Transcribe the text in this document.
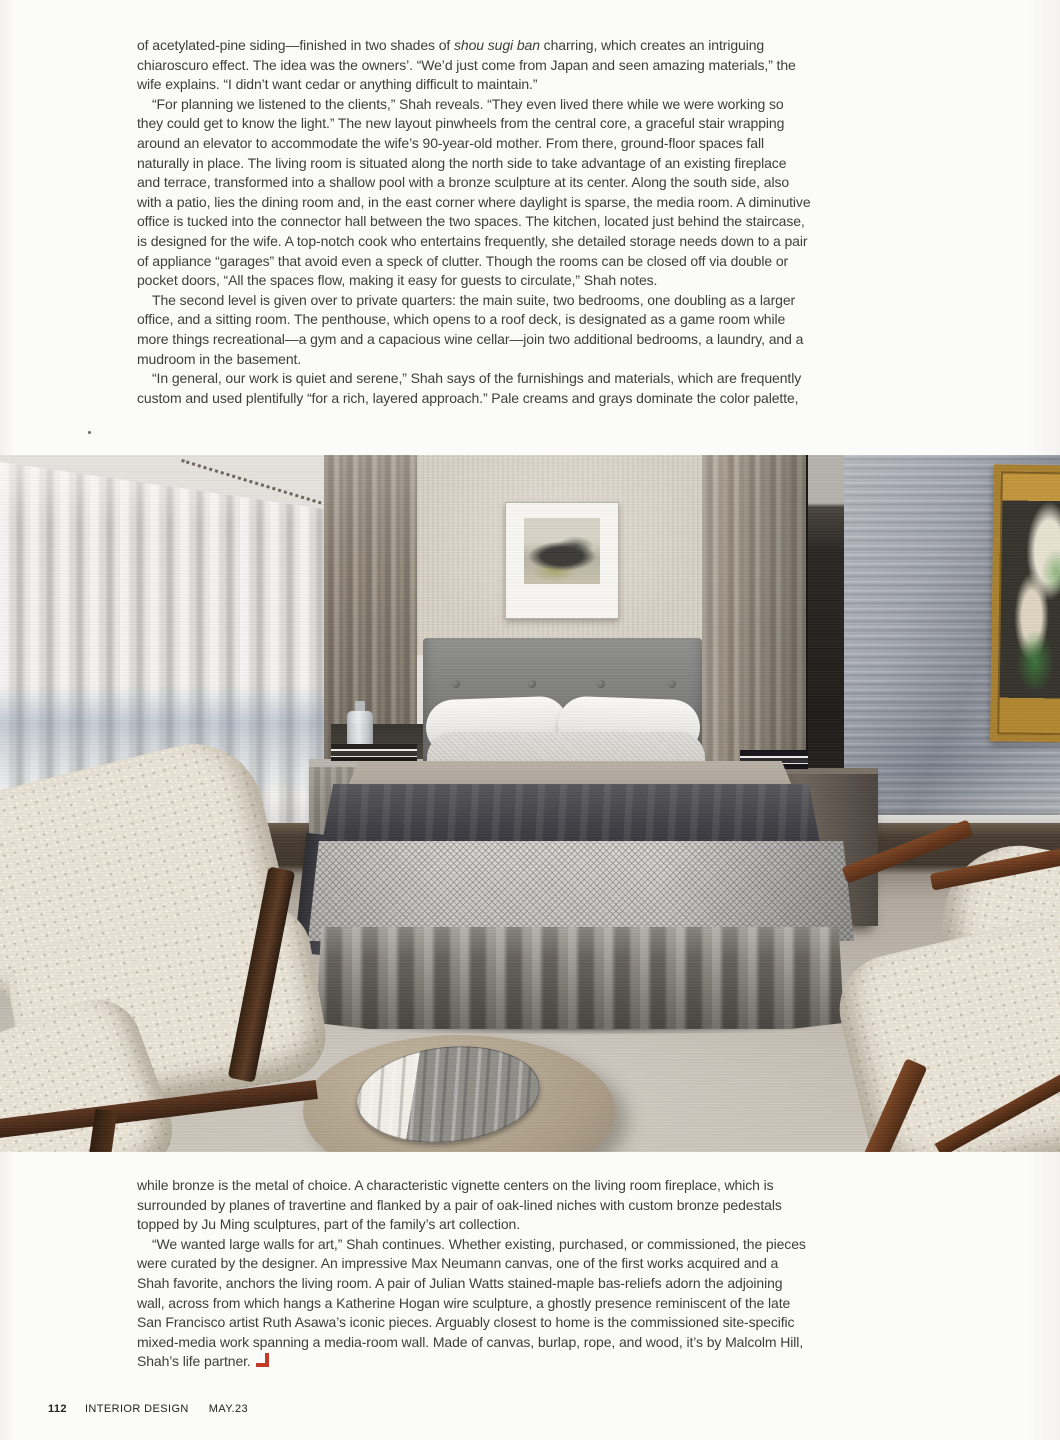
of acetylated-pine siding—finished in two shades of shou sugi ban charring, which creates an intriguing chiaroscuro effect. The idea was the owners’. “We’d just come from Japan and seen amazing materials,” the wife explains. “I didn’t want cedar or anything difficult to maintain.”

“For planning we listened to the clients,” Shah reveals. “They even lived there while we were working so they could get to know the light.” The new layout pinwheels from the central core, a graceful stair wrapping around an elevator to accommodate the wife’s 90-year-old mother. From there, ground-floor spaces fall naturally in place. The living room is situated along the north side to take advantage of an existing fireplace and terrace, transformed into a shallow pool with a bronze sculpture at its center. Along the south side, also with a patio, lies the dining room and, in the east corner where daylight is sparse, the media room. A diminutive office is tucked into the connector hall between the two spaces. The kitchen, located just behind the staircase, is designed for the wife. A top-notch cook who entertains frequently, she detailed storage needs down to a pair of appliance “garages” that avoid even a speck of clutter. Though the rooms can be closed off via double or pocket doors, “All the spaces flow, making it easy for guests to circulate,” Shah notes.

The second level is given over to private quarters: the main suite, two bedrooms, one doubling as a larger office, and a sitting room. The penthouse, which opens to a roof deck, is designated as a game room while more things recreational—a gym and a capacious wine cellar—join two additional bedrooms, a laundry, and a mudroom in the basement.

“In general, our work is quiet and serene,” Shah says of the furnishings and materials, which are frequently custom and used plentifully “for a rich, layered approach.” Pale creams and grays dominate the color palette,

while bronze is the metal of choice. A characteristic vignette centers on the living room fireplace, which is surrounded by planes of travertine and flanked by a pair of oak-lined niches with custom bronze pedestals topped by Ju Ming sculptures, part of the family’s art collection.

“We wanted large walls for art,” Shah continues. Whether existing, purchased, or commissioned, the pieces were curated by the designer. An impressive Max Neumann canvas, one of the first works acquired and a Shah favorite, anchors the living room. A pair of Julian Watts stained-maple bas-reliefs adorn the adjoining wall, across from which hangs a Katherine Hogan wire sculpture, a ghostly presence reminiscent of the late San Francisco artist Ruth Asawa’s iconic pieces. Arguably closest to home is the commissioned site-specific mixed-media work spanning a media-room wall. Made of canvas, burlap, rope, and wood, it’s by Malcolm Hill, Shah’s life partner.

112 INTERIOR DESIGN MAY.23
